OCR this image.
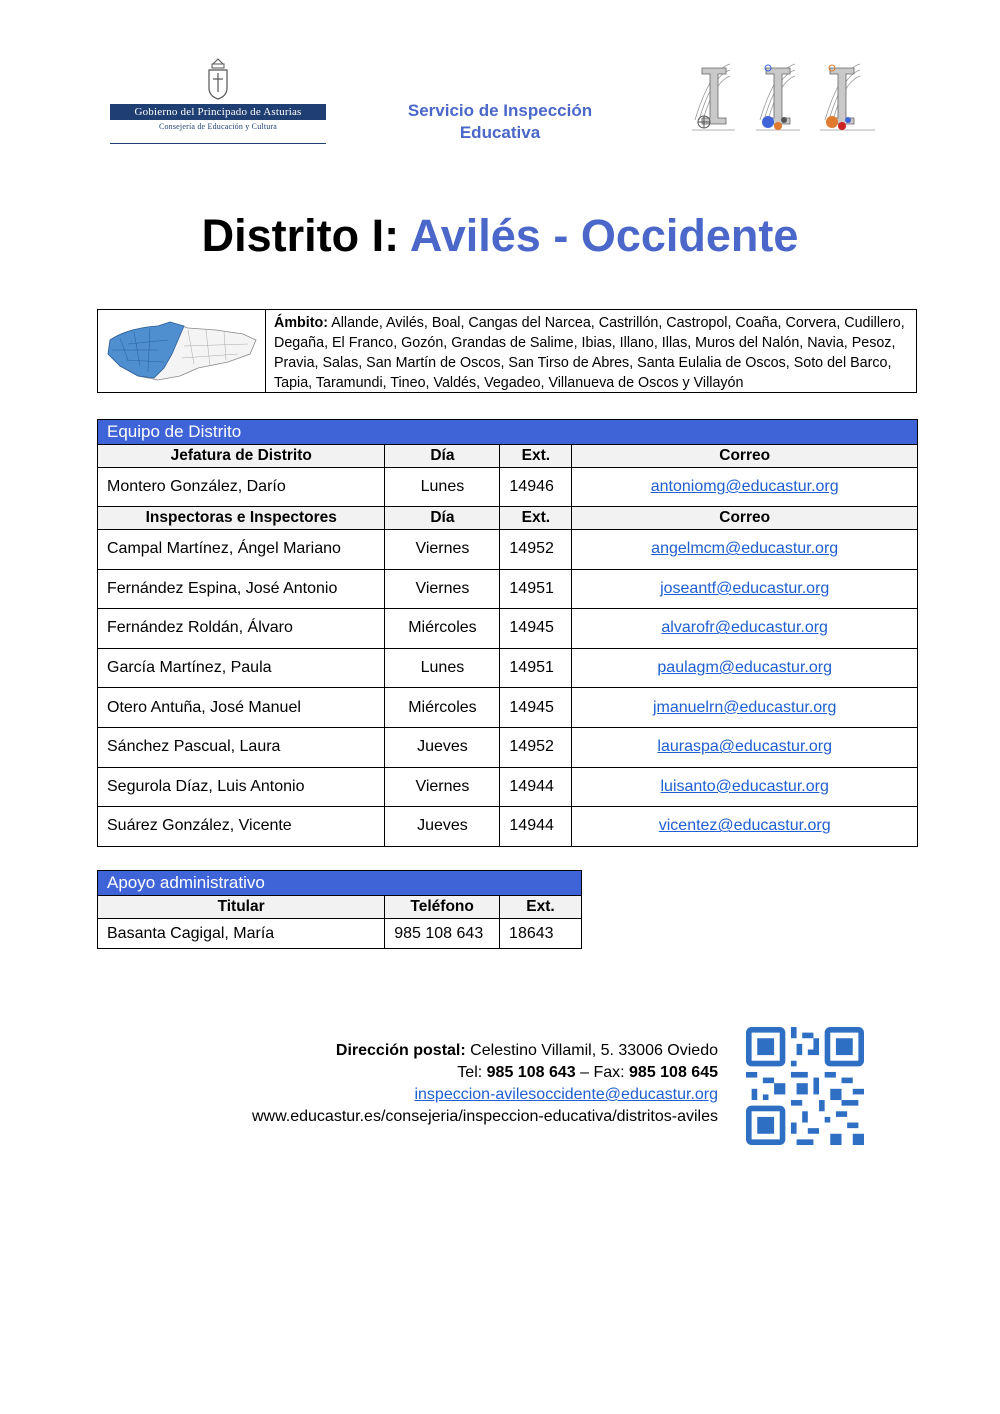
Gobierno del Principado de Asturias
Consejería de Educación y Cultura
Servicio de Inspección
Educativa
Distrito I: Avilés - Occidente
Ámbito: Allande, Avilés, Boal, Cangas del Narcea, Castrillón, Castropol, Coaña, Corvera, Cudillero, Degaña, El Franco, Gozón, Grandas de Salime, Ibias, Illano, Illas, Muros del Nalón, Navia, Pesoz, Pravia, Salas, San Martín de Oscos, San Tirso de Abres, Santa Eulalia de Oscos, Soto del Barco, Tapia, Taramundi, Tineo, Valdés, Vegadeo, Villanueva de Oscos y Villayón
Equipo de Distrito			
Jefatura de Distrito	Día	Ext.	Correo
Montero González, Darío	Lunes	14946	antoniomg@educastur.org
Inspectoras e Inspectores	Día	Ext.	Correo
Campal Martínez, Ángel Mariano	Viernes	14952	angelmcm@educastur.org
Fernández Espina, José Antonio	Viernes	14951	joseantf@educastur.org
Fernández Roldán, Álvaro	Miércoles	14945	alvarofr@educastur.org
García Martínez, Paula	Lunes	14951	paulagm@educastur.org
Otero Antuña, José Manuel	Miércoles	14945	jmanuelrn@educastur.org
Sánchez Pascual, Laura	Jueves	14952	lauraspa@educastur.org
Segurola Díaz, Luis Antonio	Viernes	14944	luisanto@educastur.org
Suárez González, Vicente	Jueves	14944	vicentez@educastur.org
Apoyo administrativo		
Titular	Teléfono	Ext.
Basanta Cagigal, María	985 108 643	18643
Dirección postal: Celestino Villamil, 5. 33006 Oviedo
Tel: 985 108 643 – Fax: 985 108 645
inspeccion-avilesoccidente@educastur.org
www.educastur.es/consejeria/inspeccion-educativa/distritos-aviles
